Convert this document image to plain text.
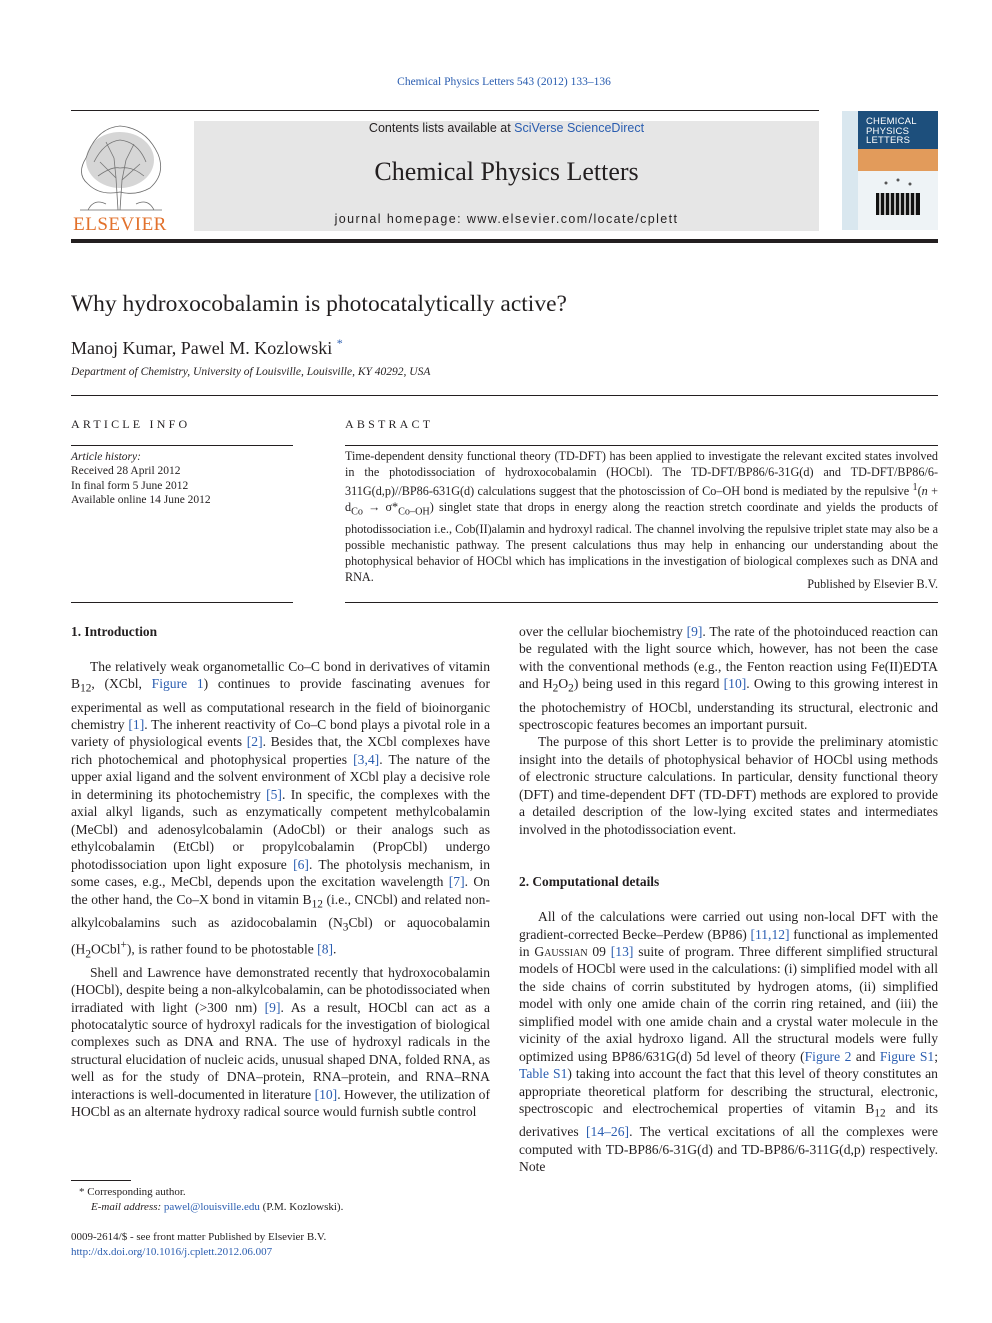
Chemical Physics Letters 543 (2012) 133–136
ELSEVIER
Contents lists available at SciVerse ScienceDirect
Chemical Physics Letters
journal homepage: www.elsevier.com/locate/cplett
CHEMICAL
PHYSICS
LETTERS
Why hydroxocobalamin is photocatalytically active?
Manoj Kumar, Pawel M. Kozlowski *
Department of Chemistry, University of Louisville, Louisville, KY 40292, USA
ARTICLE INFO	ABSTRACT
Article history:
Received 28 April 2012
In final form 5 June 2012
Available online 14 June 2012
Time-dependent density functional theory (TD-DFT) has been applied to investigate the relevant excited states involved in the photodissociation of hydroxocobalamin (HOCbl). The TD-DFT/BP86/6-31G(d) and TD-DFT/BP86/6-311G(d,p)//BP86-631G(d) calculations suggest that the photoscission of Co–OH bond is mediated by the repulsive $^1(n + d_{Co} \to \sigma*_{Co-OH})$ singlet state that drops in energy along the reaction stretch coordinate and yields the products of photodissociation i.e., Cob(II)alamin and hydroxyl radical. The channel involving the repulsive triplet state may also be a possible mechanistic pathway. The present calculations thus may help in enhancing our understanding about the photophysical behavior of HOCbl which has implications in the investigation of biological complexes such as DNA and RNA.
Published by Elsevier B.V.
1. Introduction

The relatively weak organometallic Co–C bond in derivatives of vitamin $B_{12}$, (XCbl, Figure 1) continues to provide fascinating avenues for experimental as well as computational research in the field of bioinorganic chemistry [1]. The inherent reactivity of Co–C bond plays a pivotal role in a variety of physiological events [2]. Besides that, the XCbl complexes have rich photochemical and photophysical properties [3,4]. The nature of the upper axial ligand and the solvent environment of XCbl play a decisive role in determining its photochemistry [5]. In specific, the complexes with the axial alkyl ligands, such as enzymatically competent methylcobalamin (MeCbl) and adenosylcobalamin (AdoCbl) or their analogs such as ethylcobalamin (EtCbl) or propylcobalamin (PropCbl) undergo photodissociation upon light exposure [6]. The photolysis mechanism, in some cases, e.g., MeCbl, depends upon the excitation wavelength [7]. On the other hand, the Co–X bond in vitamin $B_{12}$ (i.e., CNCbl) and related non-alkylcobalamins such as azidocobalamin $(N_3Cbl)$ or aquocobalamin $(H_2OCbl^+)$, is rather found to be photostable [8].

Shell and Lawrence have demonstrated recently that hydroxocobalamin (HOCbl), despite being a non-alkylcobalamin, can be photodissociated when irradiated with light (>300 nm) [9]. As a result, HOCbl can act as a photocatalytic source of hydroxyl radicals for the investigation of biological complexes such as DNA and RNA. The use of hydroxyl radicals in the structural elucidation of nucleic acids, unusual shaped DNA, folded RNA, as well as for the study of DNA–protein, RNA–protein, and RNA–RNA interactions is well-documented in literature [10]. However, the utilization of HOCbl as an alternate hydroxy radical source would furnish subtle control

over the cellular biochemistry [9]. The rate of the photoinduced reaction can be regulated with the light source which, however, has not been the case with the conventional methods (e.g., the Fenton reaction using Fe(II)EDTA and $H_2O_2$) being used in this regard [10]. Owing to this growing interest in the photochemistry of HOCbl, understanding its structural, electronic and spectroscopic features becomes an important pursuit.

The purpose of this short Letter is to provide the preliminary atomistic insight into the details of photophysical behavior of HOCbl using methods of electronic structure calculations. In particular, density functional theory (DFT) and time-dependent DFT (TD-DFT) methods are explored to provide a detailed description of the low-lying excited states and intermediates involved in the photodissociation event.

2. Computational details

All of the calculations were carried out using non-local DFT with the gradient-corrected Becke–Perdew (BP86) [11,12] functional as implemented in Gaussian 09 [13] suite of program. Three different simplified structural models of HOCbl were used in the calculations: (i) simplified model with all the side chains of corrin substituted by hydrogen atoms, (ii) simplified model with only one amide chain of the corrin ring retained, and (iii) the simplified model with one amide chain and a crystal water molecule in the vicinity of the axial hydroxo ligand. All the structural models were fully optimized using BP86/631G(d) 5d level of theory (Figure 2 and Figure S1; Table S1) taking into account the fact that this level of theory constitutes an appropriate theoretical platform for describing the structural, electronic, spectroscopic and electrochemical properties of vitamin $B_{12}$ and its derivatives [14–26]. The vertical excitations of all the complexes were computed with TD-BP86/6-31G(d) and TD-BP86/6-311G(d,p) respectively. Note

* Corresponding author.
E-mail address: pawel@louisville.edu (P.M. Kozlowski).
0009-2614/$ - see front matter Published by Elsevier B.V.
http://dx.doi.org/10.1016/j.cplett.2012.06.007
